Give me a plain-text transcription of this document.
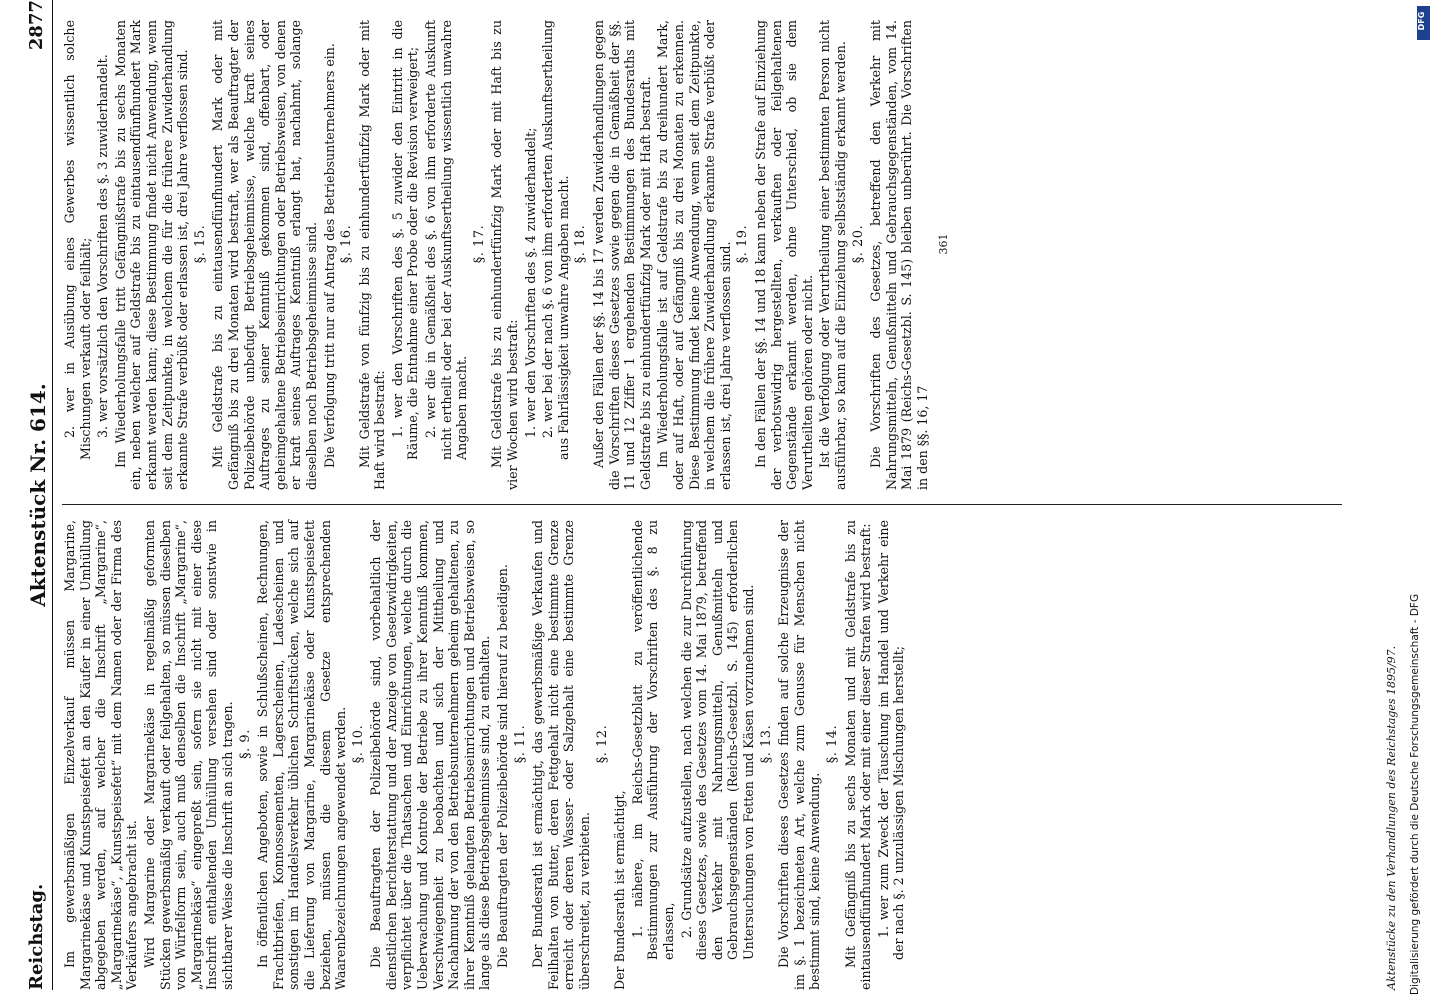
Reichstag.
Aktenstück Nr. 614.
2877

Im gewerbsmäßigen Einzelverkauf müssen Margarine, Margarinekäse und Kunstspeisefett an den Käufer in einer Umhüllung abgegeben werden, auf welcher die Inschrift „Margarine“, „Margarinekäse“, „Kunstspeisefett“ mit dem Namen oder der Firma des Verkäufers angebracht ist. Wird Margarine oder Margarinekäse in regelmäßig geformten Stücken gewerbsmäßig verkauft oder feilgehalten, so müssen dieselben von Würfelform sein, auch muß denselben die Inschrift „Margarine“, „Margarinekäse“ eingepreßt sein, sofern sie nicht mit einer diese Inschrift enthaltenden Umhüllung versehen sind oder sonstwie in sichtbarer Weise die Inschrift an sich tragen. §. 9. In öffentlichen Angeboten, sowie in Schlußscheinen, Rechnungen, Frachtbriefen, Konnossementen, Lagerscheinen, Ladescheinen und sonstigen im Handelsverkehr üblichen Schriftstücken, welche sich auf die Lieferung von Margarine, Margarinekäse oder Kunstspeisefett beziehen, müssen die diesem Gesetze entsprechenden Waarenbezeichnungen angewendet werden. §. 10. Die Beauftragten der Polizeibehörde sind, vorbehaltlich der dienstlichen Berichterstattung und der Anzeige von Gesetzwidrigkeiten, verpflichtet über die Thatsachen und Einrichtungen, welche durch die Ueberwachung und Kontrole der Betriebe zu ihrer Kenntniß kommen, Verschwiegenheit zu beobachten und sich der Mittheilung und Nachahmung der von den Betriebsunternehmern geheim gehaltenen, zu ihrer Kenntniß gelangten Betriebseinrichtungen und Betriebsweisen, so lange als diese Betriebsgeheimnisse sind, zu enthalten. Die Beauftragten der Polizeibehörde sind hierauf zu beeidigen. §. 11. Der Bundesrath ist ermächtigt, das gewerbsmäßige Verkaufen und Feilhalten von Butter, deren Fettgehalt nicht eine bestimmte Grenze erreicht oder deren Wasser- oder Salzgehalt eine bestimmte Grenze überschreitet, zu verbieten.

§. 12.

Der Bundesrath ist ermächtigt, 1. nähere, im Reichs-Gesetzblatt zu veröffentlichende Bestimmungen zur Ausführung der Vorschriften des §. 8 zu erlassen, 2. Grundsätze aufzustellen, nach welchen die zur Durchführung dieses Gesetzes, sowie des Gesetzes vom 14. Mai 1879, betreffend den Verkehr mit Nahrungsmitteln, Genußmitteln und Gebrauchsgegenständen (Reichs-Gesetzbl. S. 145) erforderlichen Untersuchungen von Fetten und Käsen vorzunehmen sind. §. 13. Die Vorschriften dieses Gesetzes finden auf solche Erzeugnisse der im §. 1 bezeichneten Art, welche zum Genusse für Menschen nicht bestimmt sind, keine Anwendung.

§. 14. Mit Gefängniß bis zu sechs Monaten und mit Geldstrafe bis zu eintausendfünfhundert Mark oder mit einer dieser Strafen wird bestraft: 1. wer zum Zweck der Täuschung im Handel und Verkehr eine der nach §. 2 unzulässigen Mischungen herstellt;

2. wer in Ausübung eines Gewerbes wissentlich solche Mischungen verkauft oder feilhält; 3. wer vorsätzlich den Vorschriften des §. 3 zuwiderhandelt. Im Wiederholungsfalle tritt Gefängnißstrafe bis zu sechs Monaten ein, neben welcher auf Geldstrafe bis zu eintausendfünfhundert Mark erkannt werden kann; diese Bestimmung findet nicht Anwendung, wenn seit dem Zeitpunkte, in welchem die für die frühere Zuwiderhandlung erkannte Strafe verbüßt oder erlassen ist, drei Jahre verflossen sind. §. 15. Mit Geldstrafe bis zu eintausendfünfhundert Mark oder mit Gefängniß bis zu drei Monaten wird bestraft, wer als Beauftragter der Polizeibehörde unbefugt Betriebsgeheimnisse, welche kraft seines Auftrages zu seiner Kenntniß gekommen sind, offenbart, oder geheimgehaltene Betriebseinrichtungen oder Betriebsweisen, von denen er kraft seines Auftrages Kenntniß erlangt hat, nachahmt, solange dieselben noch Betriebsgeheimnisse sind. Die Verfolgung tritt nur auf Antrag des Betriebsunternehmers ein. §. 16. Mit Geldstrafe von fünfzig bis zu einhundertfünfzig Mark oder mit Haft wird bestraft: 1. wer den Vorschriften des §. 5 zuwider den Eintritt in die Räume, die Entnahme einer Probe oder die Revision verweigert; 2. wer die in Gemäßheit des §. 6 von ihm erforderte Auskunft nicht ertheilt oder bei der Auskunftsertheilung wissentlich unwahre Angaben macht.

§. 17. Mit Geldstrafe bis zu einhundertfünfzig Mark oder mit Haft bis zu vier Wochen wird bestraft: 1. wer den Vorschriften des §. 4 zuwiderhandelt; 2. wer bei der nach §. 6 von ihm erforderten Auskunftsertheilung aus Fahrlässigkeit unwahre Angaben macht. §. 18. Außer den Fällen der §§. 14 bis 17 werden Zuwiderhandlungen gegen die Vorschriften dieses Gesetzes sowie gegen die in Gemäßheit der §§. 11 und 12 Ziffer 1 ergehenden Bestimmungen des Bundesraths mit Geldstrafe bis zu einhundertfünfzig Mark oder mit Haft bestraft. Im Wiederholungsfalle ist auf Geldstrafe bis zu dreihundert Mark, oder auf Haft, oder auf Gefängniß bis zu drei Monaten zu erkennen. Diese Bestimmung findet keine Anwendung, wenn seit dem Zeitpunkte, in welchem die frühere Zuwiderhandlung erkannte Strafe verbüßt oder erlassen ist, drei Jahre verflossen sind. §. 19. In den Fällen der §§. 14 und 18 kann neben der Strafe auf Einziehung der verbotswidrig hergestellten, verkauften oder feilgehaltenen Gegenstände erkannt werden, ohne Unterschied, ob sie dem Verurtheilten gehören oder nicht. Ist die Verfolgung oder Verurtheilung einer bestimmten Person nicht ausführbar, so kann auf die Einziehung selbstständig erkannt werden. §. 20. Die Vorschriften des Gesetzes, betreffend den Verkehr mit Nahrungsmitteln, Genußmitteln und Gebrauchsgegenständen, vom 14. Mai 1879 (Reichs-Gesetzbl. S. 145) bleiben unberührt. Die Vorschriften in den §§. 16, 17

361

Aktenstücke zu den Verhandlungen des Reichstages 1895/97. Digitalisierung gefördert durch die Deutsche Forschungsgemeinschaft - DFG
DFG
